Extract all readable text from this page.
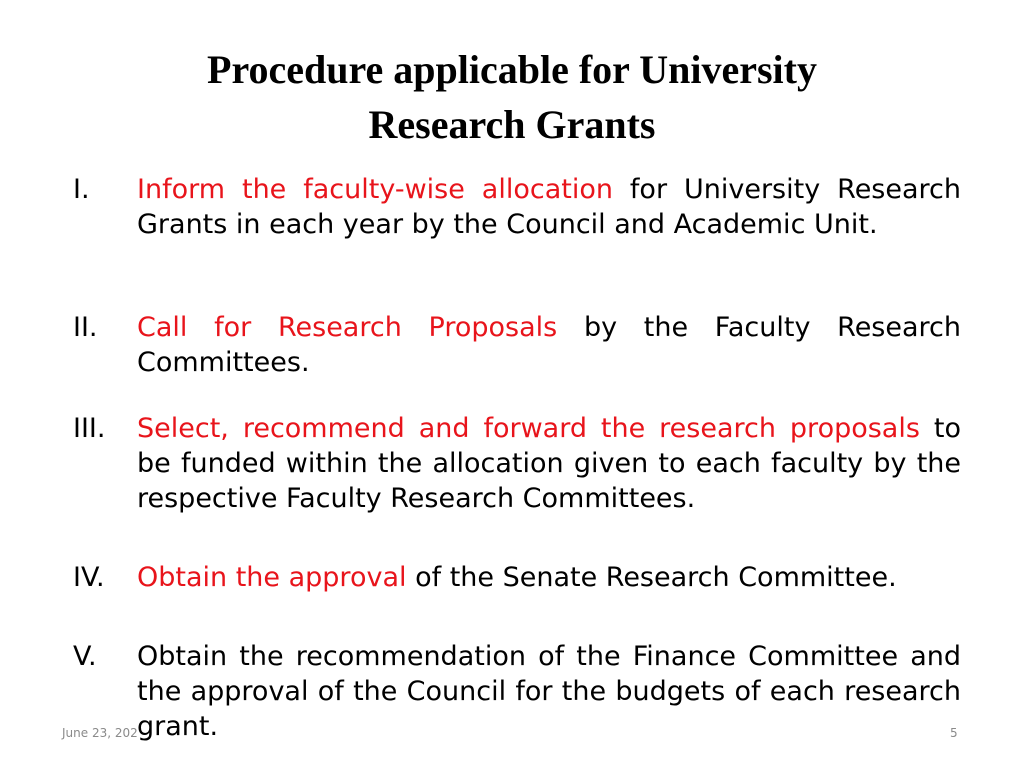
Procedure applicable for University
Research Grants
I. Inform the faculty-wise allocation for University Research Grants in each year by the Council and Academic Unit.
II. Call for Research Proposals by the Faculty Research Committees.
III. Select, recommend and forward the research proposals to be funded within the allocation given to each faculty by the respective Faculty Research Committees.
IV. Obtain the approval of the Senate Research Committee.
V. Obtain the recommendation of the Finance Committee and the approval of the Council for the budgets of each research grant.
June 23, 202	5
